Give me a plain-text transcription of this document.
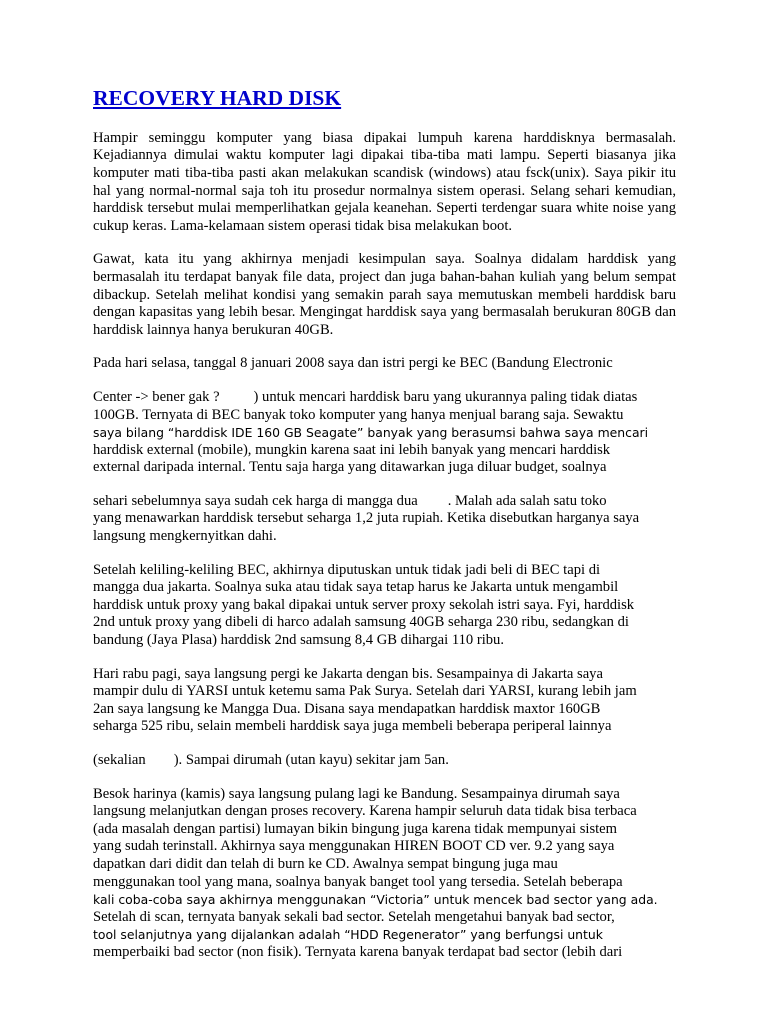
RECOVERY HARD DISK

Hampir seminggu komputer yang biasa dipakai lumpuh karena harddisknya bermasalah. Kejadiannya dimulai waktu komputer lagi dipakai tiba-tiba mati lampu. Seperti biasanya jika komputer mati tiba-tiba pasti akan melakukan scandisk (windows) atau fsck(unix). Saya pikir itu hal yang normal-normal saja toh itu prosedur normalnya sistem operasi. Selang sehari kemudian, harddisk tersebut mulai memperlihatkan gejala keanehan. Seperti terdengar suara white noise yang cukup keras. Lama-kelamaan sistem operasi tidak bisa melakukan boot.

Gawat, kata itu yang akhirnya menjadi kesimpulan saya. Soalnya didalam harddisk yang bermasalah itu terdapat banyak file data, project dan juga bahan-bahan kuliah yang belum sempat dibackup. Setelah melihat kondisi yang semakin parah saya memutuskan membeli harddisk baru dengan kapasitas yang lebih besar. Mengingat harddisk saya yang bermasalah berukuran 80GB dan harddisk lainnya hanya berukuran 40GB.

Pada hari selasa, tanggal 8 januari 2008 saya dan istri pergi ke BEC (Bandung Electronic

Center -> bener gak ? ) untuk mencari harddisk baru yang ukurannya paling tidak diatas
100GB. Ternyata di BEC banyak toko komputer yang hanya menjual barang saja. Sewaktu
saya bilang “harddisk IDE 160 GB Seagate” banyak yang berasumsi bahwa saya mencari
harddisk external (mobile), mungkin karena saat ini lebih banyak yang mencari harddisk
external daripada internal. Tentu saja harga yang ditawarkan juga diluar budget, soalnya

sehari sebelumnya saya sudah cek harga di mangga dua . Malah ada salah satu toko
yang menawarkan harddisk tersebut seharga 1,2 juta rupiah. Ketika disebutkan harganya saya
langsung mengkernyitkan dahi.

Setelah keliling-keliling BEC, akhirnya diputuskan untuk tidak jadi beli di BEC tapi di
mangga dua jakarta. Soalnya suka atau tidak saya tetap harus ke Jakarta untuk mengambil
harddisk untuk proxy yang bakal dipakai untuk server proxy sekolah istri saya. Fyi, harddisk
2nd untuk proxy yang dibeli di harco adalah samsung 40GB seharga 230 ribu, sedangkan di
bandung (Jaya Plasa) harddisk 2nd samsung 8,4 GB dihargai 110 ribu.

Hari rabu pagi, saya langsung pergi ke Jakarta dengan bis. Sesampainya di Jakarta saya
mampir dulu di YARSI untuk ketemu sama Pak Surya. Setelah dari YARSI, kurang lebih jam
2an saya langsung ke Mangga Dua. Disana saya mendapatkan harddisk maxtor 160GB
seharga 525 ribu, selain membeli harddisk saya juga membeli beberapa periperal lainnya

(sekalian ). Sampai dirumah (utan kayu) sekitar jam 5an.

Besok harinya (kamis) saya langsung pulang lagi ke Bandung. Sesampainya dirumah saya
langsung melanjutkan dengan proses recovery. Karena hampir seluruh data tidak bisa terbaca
(ada masalah dengan partisi) lumayan bikin bingung juga karena tidak mempunyai sistem
yang sudah terinstall. Akhirnya saya menggunakan HIREN BOOT CD ver. 9.2 yang saya
dapatkan dari didit dan telah di burn ke CD. Awalnya sempat bingung juga mau
menggunakan tool yang mana, soalnya banyak banget tool yang tersedia. Setelah beberapa
kali coba-coba saya akhirnya menggunakan “Victoria” untuk mencek bad sector yang ada.
Setelah di scan, ternyata banyak sekali bad sector. Setelah mengetahui banyak bad sector,
tool selanjutnya yang dijalankan adalah “HDD Regenerator” yang berfungsi untuk
memperbaiki bad sector (non fisik). Ternyata karena banyak terdapat bad sector (lebih dari
